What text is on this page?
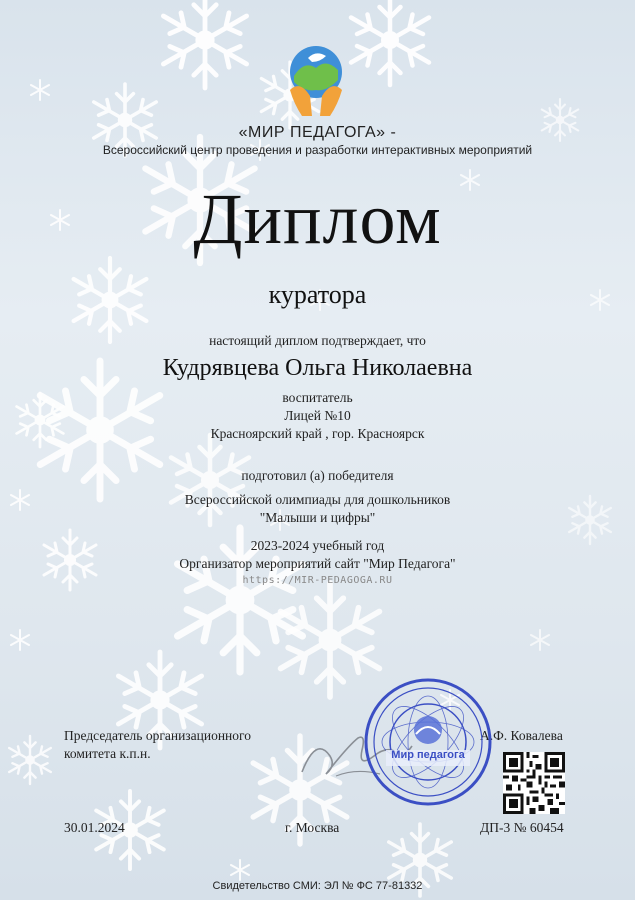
«МИР ПЕДАГОГА» -
Всероссийский центр проведения и разработки интерактивных мероприятий
Диплом
куратора
настоящий диплом подтверждает, что
Кудрявцева Ольга Николаевна
воспитатель
Лицей №10
Красноярский край , гор. Красноярск
подготовил (а) победителя
Всероссийской олимпиады для дошкольников
"Малыши и цифры"
2023-2024 учебный год
Организатор мероприятий сайт "Мир Педагога"
https://MIR-PEDAGOGA.RU
Председатель организационного
комитета к.п.н.
А.Ф. Ковалева
Мир педагога
30.01.2024	г. Москва	ДП-3 № 60454
Свидетельство СМИ: ЭЛ № ФС 77-81332
